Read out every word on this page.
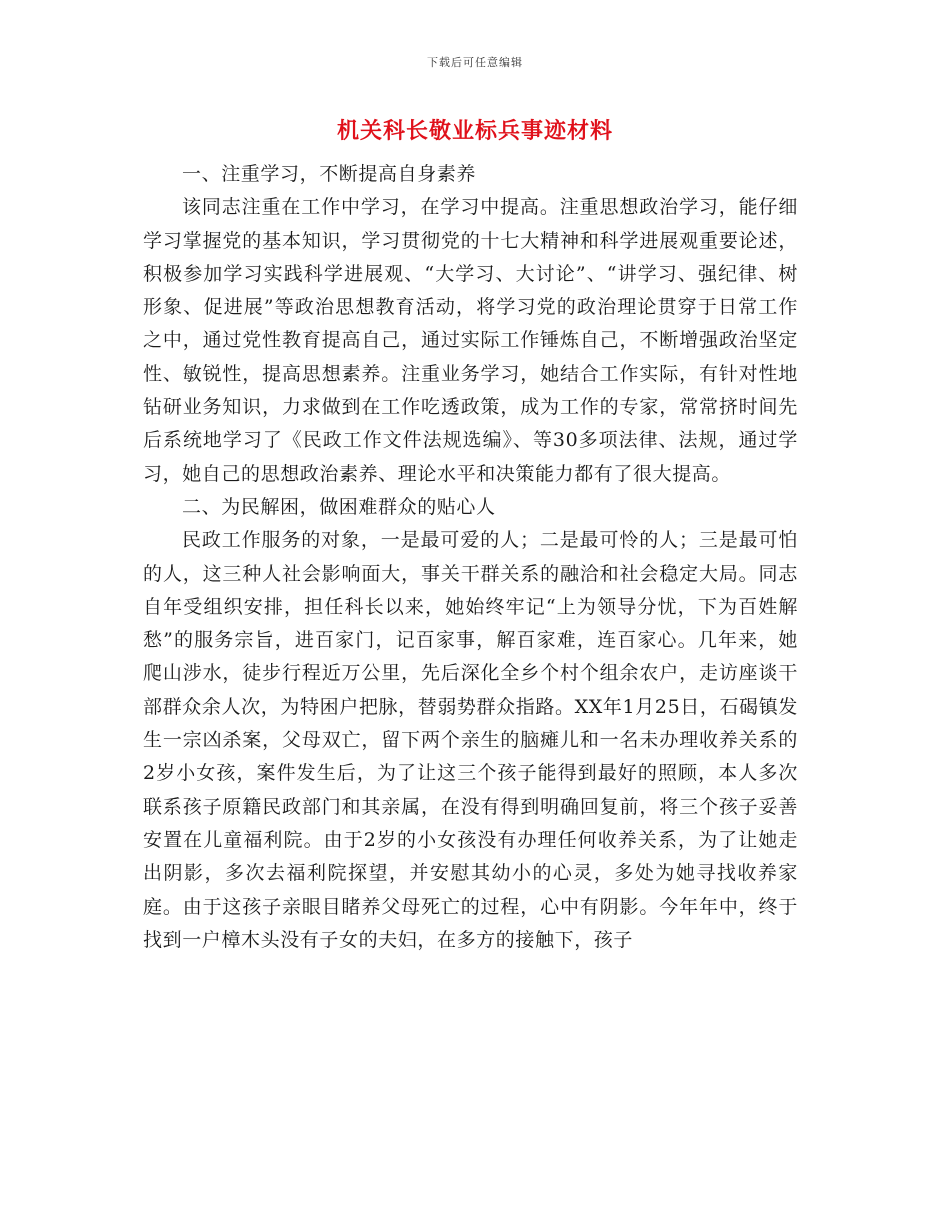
下载后可任意编辑
机关科长敬业标兵事迹材料

一、注重学习，不断提高自身素养

该同志注重在工作中学习，在学习中提高。注重思想政治学习，能仔细学习掌握党的基本知识，学习贯彻党的十七大精神和科学进展观重要论述，积极参加学习实践科学进展观、“大学习、大讨论”、“讲学习、强纪律、树形象、促进展”等政治思想教育活动，将学习党的政治理论贯穿于日常工作之中，通过党性教育提高自己，通过实际工作锤炼自己，不断增强政治坚定性、敏锐性，提高思想素养。注重业务学习，她结合工作实际，有针对性地钻研业务知识，力求做到在工作吃透政策，成为工作的专家，常常挤时间先后系统地学习了《民政工作文件法规选编》、等30多项法律、法规，通过学习，她自己的思想政治素养、理论水平和决策能力都有了很大提高。

二、为民解困，做困难群众的贴心人

民政工作服务的对象，一是最可爱的人；二是最可怜的人；三是最可怕的人，这三种人社会影响面大，事关干群关系的融洽和社会稳定大局。同志自年受组织安排，担任科长以来，她始终牢记“上为领导分忧，下为百姓解愁”的服务宗旨，进百家门，记百家事，解百家难，连百家心。几年来，她爬山涉水，徒步行程近万公里，先后深化全乡个村个组余农户，走访座谈干部群众余人次，为特困户把脉，替弱势群众指路。XX年1月25日，石碣镇发生一宗凶杀案，父母双亡，留下两个亲生的脑瘫儿和一名未办理收养关系的2岁小女孩，案件发生后，为了让这三个孩子能得到最好的照顾，本人多次联系孩子原籍民政部门和其亲属，在没有得到明确回复前，将三个孩子妥善安置在儿童福利院。由于2岁的小女孩没有办理任何收养关系，为了让她走出阴影，多次去福利院探望，并安慰其幼小的心灵，多处为她寻找收养家庭。由于这孩子亲眼目睹养父母死亡的过程，心中有阴影。今年年中，终于找到一户樟木头没有子女的夫妇，在多方的接触下，孩子
